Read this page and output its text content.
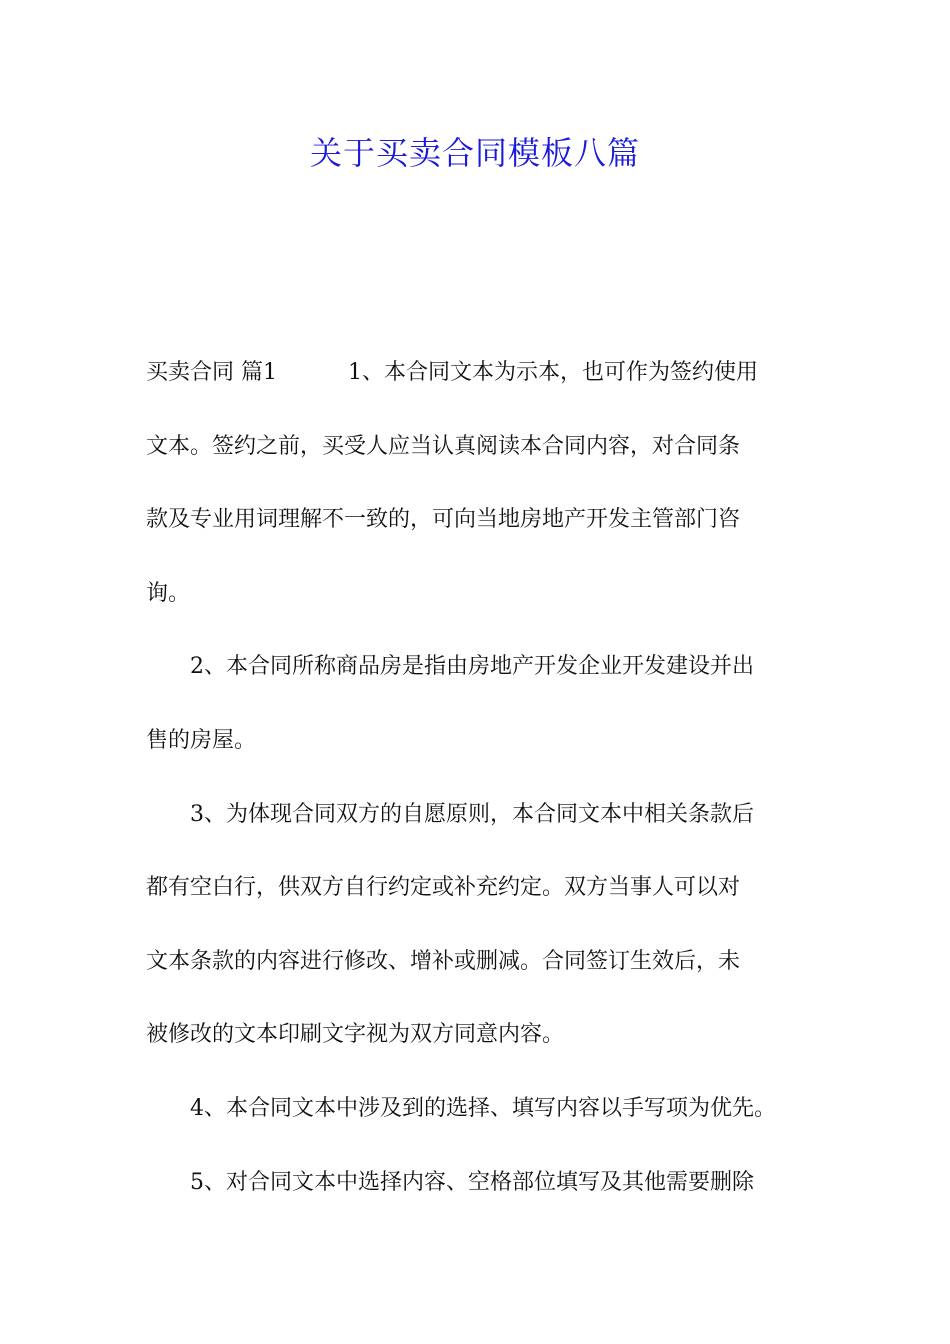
关于买卖合同模板八篇
买卖合同 篇1	1、本合同文本为示本，也可作为签约使用
文本。签约之前，买受人应当认真阅读本合同内容，对合同条
款及专业用词理解不一致的，可向当地房地产开发主管部门咨
询。
2、本合同所称商品房是指由房地产开发企业开发建设并出
售的房屋。
3、为体现合同双方的自愿原则，本合同文本中相关条款后
都有空白行，供双方自行约定或补充约定。双方当事人可以对
文本条款的内容进行修改、增补或删减。合同签订生效后，未
被修改的文本印刷文字视为双方同意内容。
4、本合同文本中涉及到的选择、填写内容以手写项为优先。
5、对合同文本中选择内容、空格部位填写及其他需要删除
